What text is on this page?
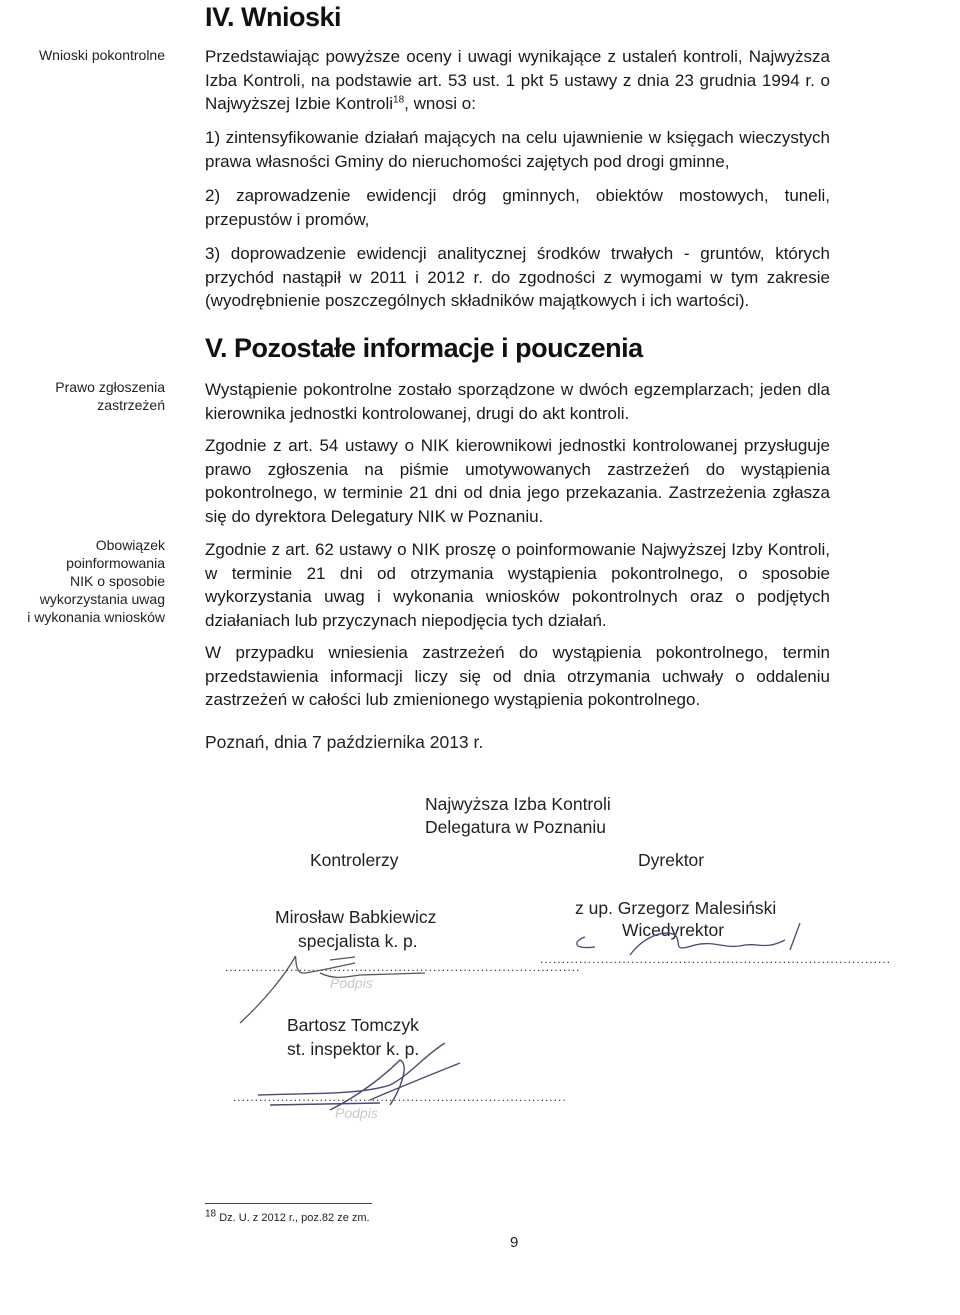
Wnioski pokontrolne
Prawo zgłoszenia
zastrzeżeń
Obowiązek
poinformowania
NIK o sposobie
wykorzystania uwag
i wykonania wniosków
IV. Wnioski
Przedstawiając powyższe oceny i uwagi wynikające z ustaleń kontroli, Najwyższa Izba Kontroli, na podstawie art. 53 ust. 1 pkt 5 ustawy z dnia 23 grudnia 1994 r. o Najwyższej Izbie Kontroli$^{18}$, wnosi o:
1) zintensyfikowanie działań mających na celu ujawnienie w księgach wieczystych prawa własności Gminy do nieruchomości zajętych pod drogi gminne,
2) zaprowadzenie ewidencji dróg gminnych, obiektów mostowych, tuneli, przepustów i promów,
3) doprowadzenie ewidencji analitycznej środków trwałych - gruntów, których przychód nastąpił w 2011 i 2012 r. do zgodności z wymogami w tym zakresie (wyodrębnienie poszczególnych składników majątkowych i ich wartości).
V. Pozostałe informacje i pouczenia
Wystąpienie pokontrolne zostało sporządzone w dwóch egzemplarzach; jeden dla kierownika jednostki kontrolowanej, drugi do akt kontroli.
Zgodnie z art. 54 ustawy o NIK kierownikowi jednostki kontrolowanej przysługuje prawo zgłoszenia na piśmie umotywowanych zastrzeżeń do wystąpienia pokontrolnego, w terminie 21 dni od dnia jego przekazania. Zastrzeżenia zgłasza się do dyrektora Delegatury NIK w Poznaniu.
Zgodnie z art. 62 ustawy o NIK proszę o poinformowanie Najwyższej Izby Kontroli, w terminie 21 dni od otrzymania wystąpienia pokontrolnego, o sposobie wykorzystania uwag i wykonania wniosków pokontrolnych oraz o podjętych działaniach lub przyczynach niepodjęcia tych działań.
W przypadku wniesienia zastrzeżeń do wystąpienia pokontrolnego, termin przedstawienia informacji liczy się od dnia otrzymania uchwały o oddaleniu zastrzeżeń w całości lub zmienionego wystąpienia pokontrolnego.
Poznań, dnia 7 października 2013 r.
Najwyższa Izba Kontroli
Delegatura w Poznaniu
Kontrolerzy	Dyrektor
Mirosław Babkiewicz
specjalista k. p.
..................................................................................
Podpis
Bartosz Tomczyk
st. inspektor k. p.
.............................................................................
Podpis
z up. Grzegorz Malesiński
Wicedyrektor
.................................................................................
$^{18}$ Dz. U. z 2012 r., poz.82 ze zm.
9
